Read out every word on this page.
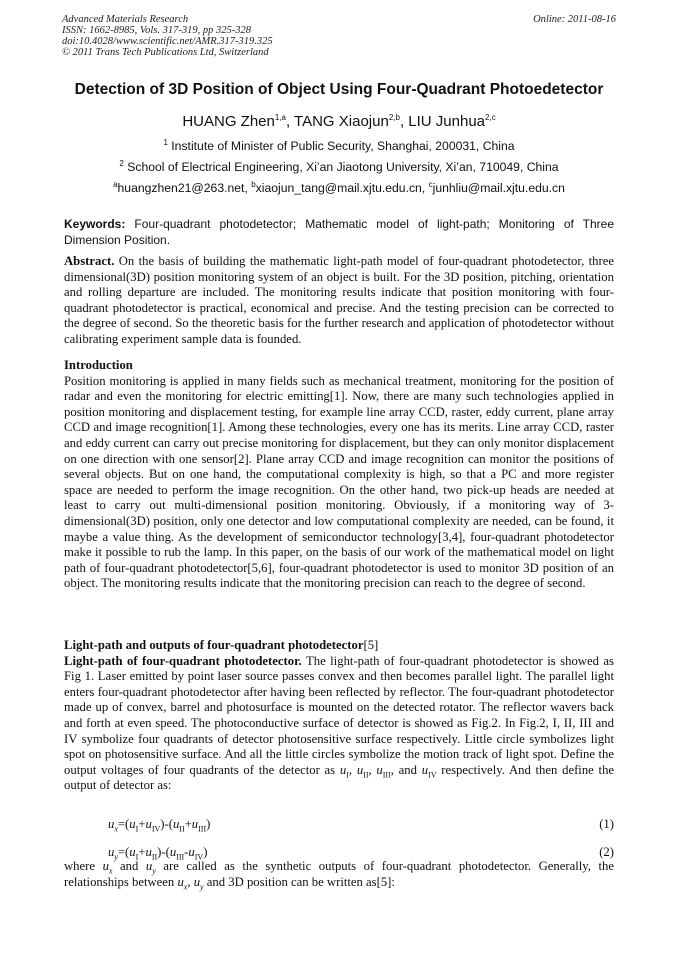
Advanced Materials Research
ISSN: 1662-8985, Vols. 317-319, pp 325-328
doi:10.4028/www.scientific.net/AMR.317-319.325
© 2011 Trans Tech Publications Ltd, Switzerland
Online: 2011-08-16
Detection of 3D Position of Object Using Four-Quadrant Photoedetector
HUANG Zhen$^{1,a}$, TANG Xiaojun$^{2,b}$, LIU Junhua$^{2,c}$
$^1$ Institute of Minister of Public Security, Shanghai, 200031, China
$^2$ School of Electrical Engineering, Xi’an Jiaotong University, Xi’an, 710049, China
$^a$huangzhen21@263.net, $^b$xiaojun_tang@mail.xjtu.edu.cn, $^c$junhliu@mail.xjtu.edu.cn
Keywords: Four-quadrant photodetector; Mathematic model of light-path; Monitoring of Three Dimension Position.

Abstract. On the basis of building the mathematic light-path model of four-quadrant photodetector, three dimensional(3D) position monitoring system of an object is built. For the 3D position, pitching, orientation and rolling departure are included. The monitoring results indicate that position monitoring with four-quadrant photodetector is practical, economical and precise. And the testing precision can be corrected to the degree of second. So the theoretic basis for the further research and application of photodetector without calibrating experiment sample data is founded.

Introduction

Position monitoring is applied in many fields such as mechanical treatment, monitoring for the position of radar and even the monitoring for electric emitting[1]. Now, there are many such technologies applied in position monitoring and displacement testing, for example line array CCD, raster, eddy current, plane array CCD and image recognition[1]. Among these technologies, every one has its merits. Line array CCD, raster and eddy current can carry out precise monitoring for displacement, but they can only monitor displacement on one direction with one sensor[2]. Plane array CCD and image recognition can monitor the positions of several objects. But on one hand, the computational complexity is high, so that a PC and more register space are needed to perform the image recognition. On the other hand, two pick-up heads are needed at least to carry out multi-dimensional position monitoring. Obviously, if a monitoring way of 3-dimensional(3D) position, only one detector and low computational complexity are needed, can be found, it maybe a value thing. As the development of semiconductor technology[3,4], four-quadrant photodetector make it possible to rub the lamp. In this paper, on the basis of our work of the mathematical model on light path of four-quadrant photodetector[5,6], four-quadrant photodetector is used to monitor 3D position of an object. The monitoring results indicate that the monitoring precision can reach to the degree of second.

Light-path and outputs of four-quadrant photodetector[5]

Light-path of four-quadrant photodetector. The light-path of four-quadrant photodetector is showed as Fig 1. Laser emitted by point laser source passes convex and then becomes parallel light. The parallel light enters four-quadrant photodetector after having been reflected by reflector. The four-quadrant photodetector made up of convex, barrel and photosurface is mounted on the detected rotator. The reflector wavers back and forth at even speed. The photoconductive surface of detector is showed as Fig.2. In Fig.2, I, II, III and IV symbolize four quadrants of detector photosensitive surface respectively. Little circle symbolizes light spot on photosensitive surface. And all the little circles symbolize the motion track of light spot. Define the output voltages of four quadrants of the detector as $u_I$, $u_{II}$, $u_{III}$, and $u_{IV}$ respectively. And then define the output of detector as:

$u_x=(u_I+u_{IV})-(u_{II}+u_{III})$	(1)
$u_y=(u_I+u_{II})-(u_{III}-u_{IV})$	(2)

where $u_x$ and $u_y$ are called as the synthetic outputs of four-quadrant photodetector. Generally, the relationships between $u_x$, $u_y$ and 3D position can be written as[5]:
